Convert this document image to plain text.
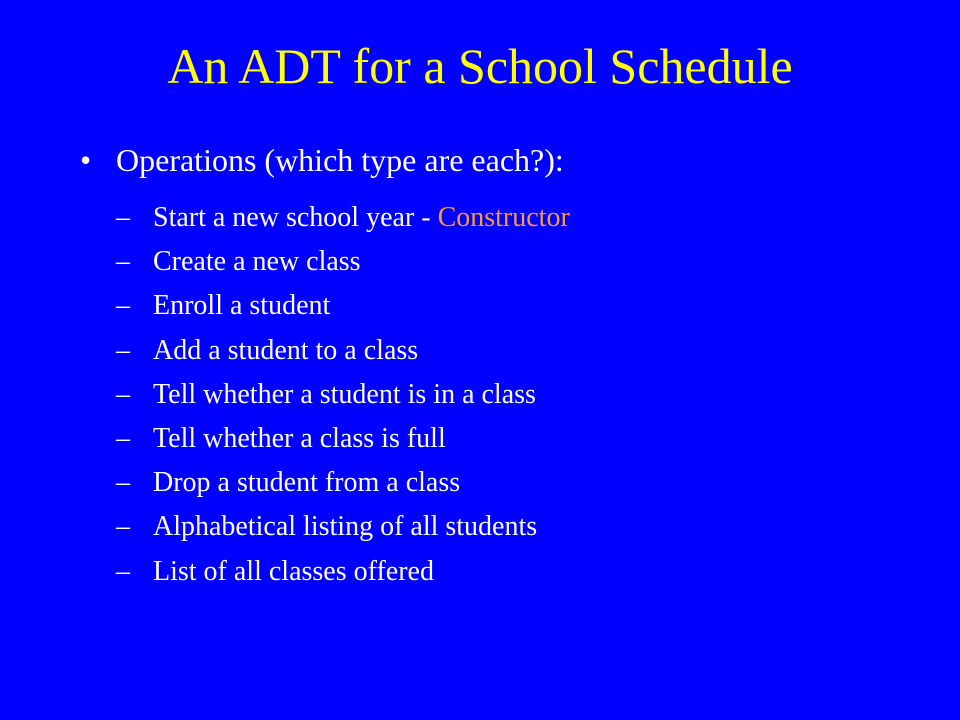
An ADT for a School Schedule
• Operations (which type are each?):
– Start a new school year - Constructor
– Create a new class
– Enroll a student
– Add a student to a class
– Tell whether a student is in a class
– Tell whether a class is full
– Drop a student from a class
– Alphabetical listing of all students
– List of all classes offered
